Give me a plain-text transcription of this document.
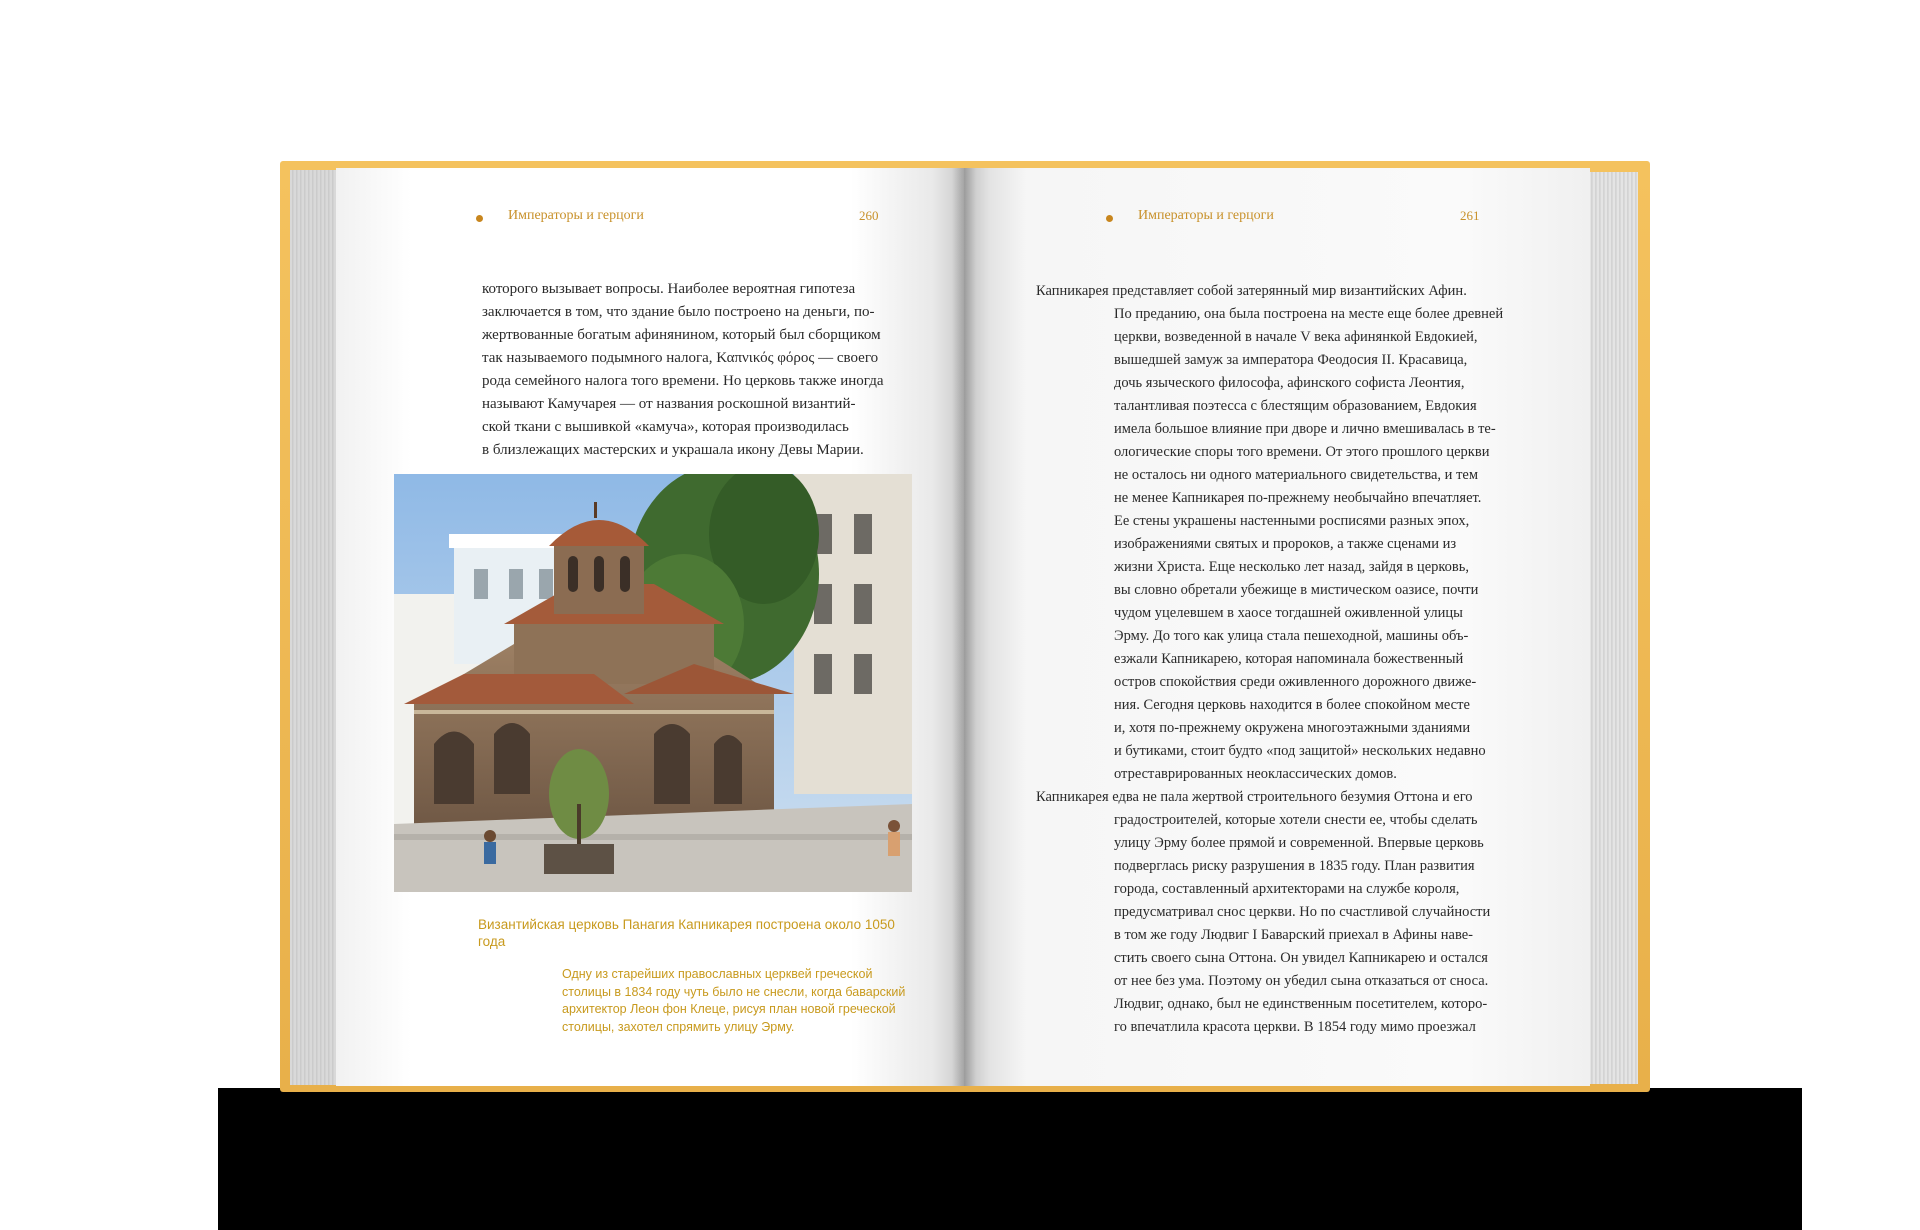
Императоры и герцоги	260

которого вызывает вопросы. Наиболее вероятная гипотеза

заключается в том, что здание было построено на деньги, по-

жертвованные богатым афинянином, который был сборщиком

так называемого подымного налога, Καπνικός φόρος — своего

рода семейного налога того времени. Но церковь также иногда

называют Камучарея — от названия роскошной византий-

ской ткани с вышивкой «камуча», которая производилась

в близлежащих мастерских и украшала икону Девы Марии.

Византийская церковь Панагия Капникарея построена около 1050 года
Одну из старейших православных церквей греческой столицы в 1834 году чуть было не снесли, когда баварский архитектор Леон фон Клеце, рисуя план новой греческой столицы, захотел спрямить улицу Эрму.
Императоры и герцоги	261

Капникарея представляет собой затерянный мир византийских Афин.

По преданию, она была построена на месте еще более древней

церкви, возведенной в начале V века афинянкой Евдокией,

вышедшей замуж за императора Феодосия II. Красавица,

дочь языческого философа, афинского софиста Леонтия,

талантливая поэтесса с блестящим образованием, Евдокия

имела большое влияние при дворе и лично вмешивалась в те-

ологические споры того времени. От этого прошлого церкви

не осталось ни одного материального свидетельства, и тем

не менее Капникарея по-прежнему необычайно впечатляет.

Ее стены украшены настенными росписями разных эпох,

изображениями святых и пророков, а также сценами из

жизни Христа. Еще несколько лет назад, зайдя в церковь,

вы словно обретали убежище в мистическом оазисе, почти

чудом уцелевшем в хаосе тогдашней оживленной улицы

Эрму. До того как улица стала пешеходной, машины объ-

езжали Капникарею, которая напоминала божественный

остров спокойствия среди оживленного дорожного движе-

ния. Сегодня церковь находится в более спокойном месте

и, хотя по-прежнему окружена многоэтажными зданиями

и бутиками, стоит будто «под защитой» нескольких недавно

отреставрированных неоклассических домов.

Капникарея едва не пала жертвой строительного безумия Оттона и его

градостроителей, которые хотели снести ее, чтобы сделать

улицу Эрму более прямой и современной. Впервые церковь

подверглась риску разрушения в 1835 году. План развития

города, составленный архитекторами на службе короля,

предусматривал снос церкви. Но по счастливой случайности

в том же году Людвиг I Баварский приехал в Афины наве-

стить своего сына Оттона. Он увидел Капникарею и остался

от нее без ума. Поэтому он убедил сына отказаться от сноса.

Людвиг, однако, был не единственным посетителем, которо-

го впечатлила красота церкви. В 1854 году мимо проезжал
